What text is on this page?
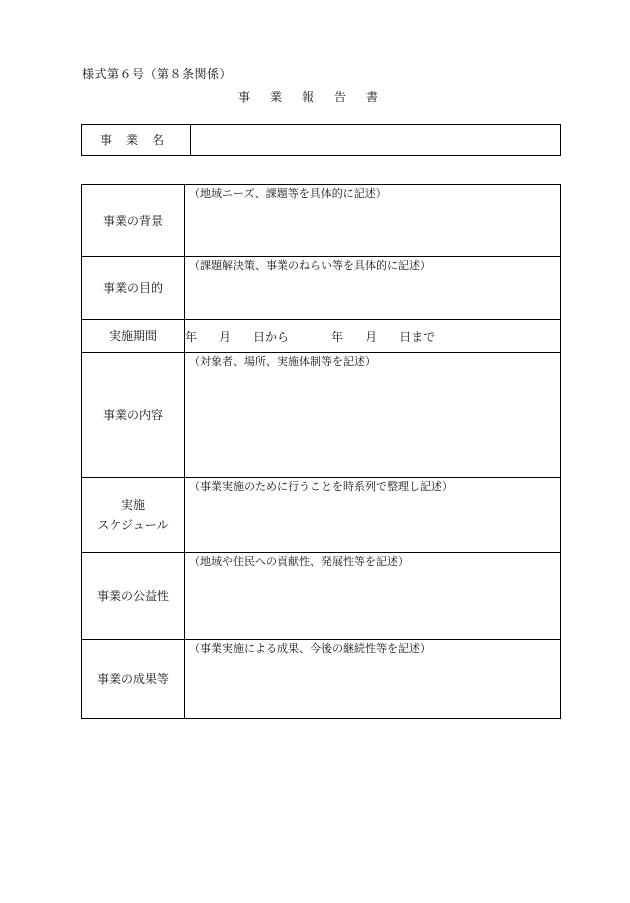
様式第６号（第８条関係）
事業報告書
事業名	
事業の背景	（地域ニーズ、課題等を具体的に記述）
事業の目的	（課題解決策、事業のねらい等を具体的に記述）
実施期間	年 月 日から 年 月 日まで
事業の内容	（対象者、場所、実施体制等を記述）

実施
スケジュール	（事業実施のために行うことを時系列で整理し記述）
事業の公益性	（地域や住民への貢献性、発展性等を記述）
事業の成果等	（事業実施による成果、今後の継続性等を記述）
